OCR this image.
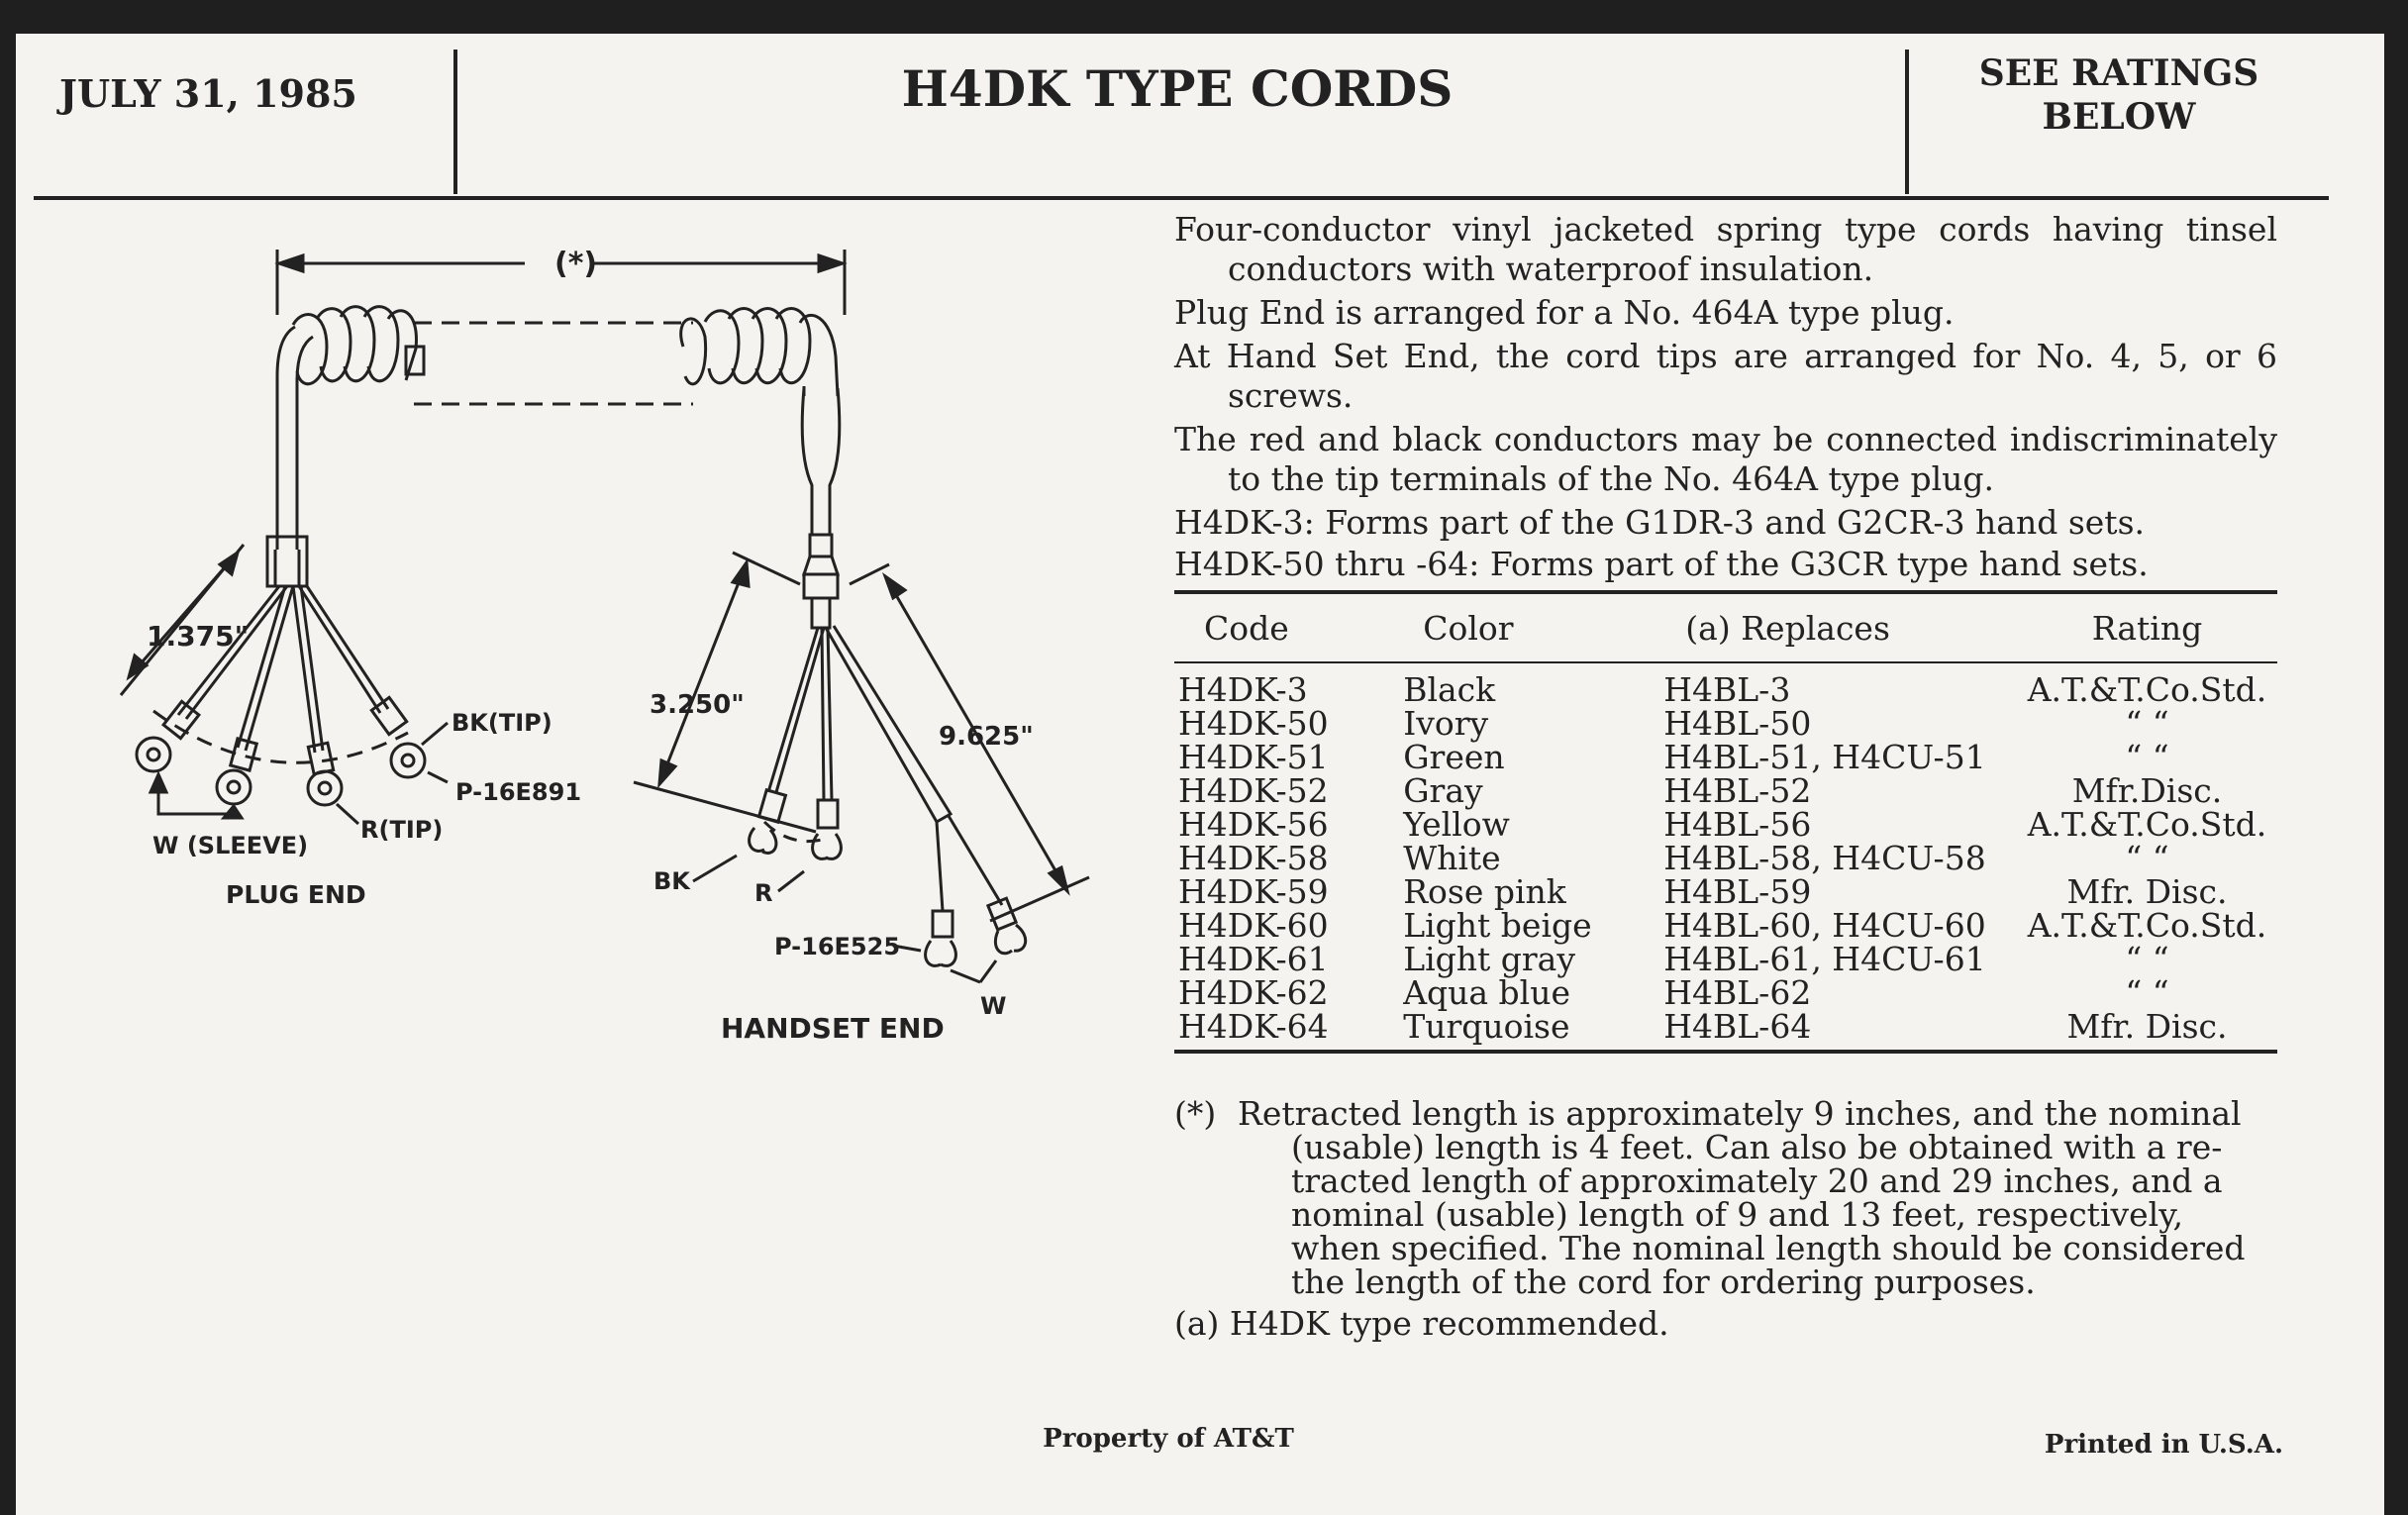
JULY 31, 1985	H4DK TYPE CORDS	SEE RATINGS
BELOW
(*)
1.375"
BK(TIP)
P-16E891
W (SLEEVE)
R(TIP)
PLUG END
3.250"
9.625"
BK	R
P-16E525
W
HANDSET END

Four-conductor vinyl jacketed spring type cords having tinsel conductors with waterproof insulation.

Plug End is arranged for a No. 464A type plug.

At Hand Set End, the cord tips are arranged for No. 4, 5, or 6 screws.

The red and black conductors may be connected indiscriminately to the tip terminals of the No. 464A type plug.

H4DK-3: Forms part of the G1DR-3 and G2CR-3 hand sets.

H4DK-50 thru -64: Forms part of the G3CR type hand sets.

Code	Color	(a) Replaces	Rating
H4DK-3	Black	H4BL-3	A.T.&T.Co.Std.
H4DK-50	Ivory	H4BL-50	“ “
H4DK-51	Green	H4BL-51, H4CU-51	“ “
H4DK-52	Gray	H4BL-52	Mfr.Disc.
H4DK-56	Yellow	H4BL-56	A.T.&T.Co.Std.
H4DK-58	White	H4BL-58, H4CU-58	“ “
H4DK-59	Rose pink	H4BL-59	Mfr. Disc.
H4DK-60	Light beige	H4BL-60, H4CU-60	A.T.&T.Co.Std.
H4DK-61	Light gray	H4BL-61, H4CU-61	“ “
H4DK-62	Aqua blue	H4BL-62	“ “
H4DK-64	Turquoise	H4BL-64	Mfr. Disc.
(*) Retracted length is approximately 9 inches, and the nominal
(usable) length is 4 feet. Can also be obtained with a re-
tracted length of approximately 20 and 29 inches, and a
nominal (usable) length of 9 and 13 feet, respectively,
when specified. The nominal length should be considered
the length of the cord for ordering purposes.

(a) H4DK type recommended.

Property of AT&T	Printed in U.S.A.
